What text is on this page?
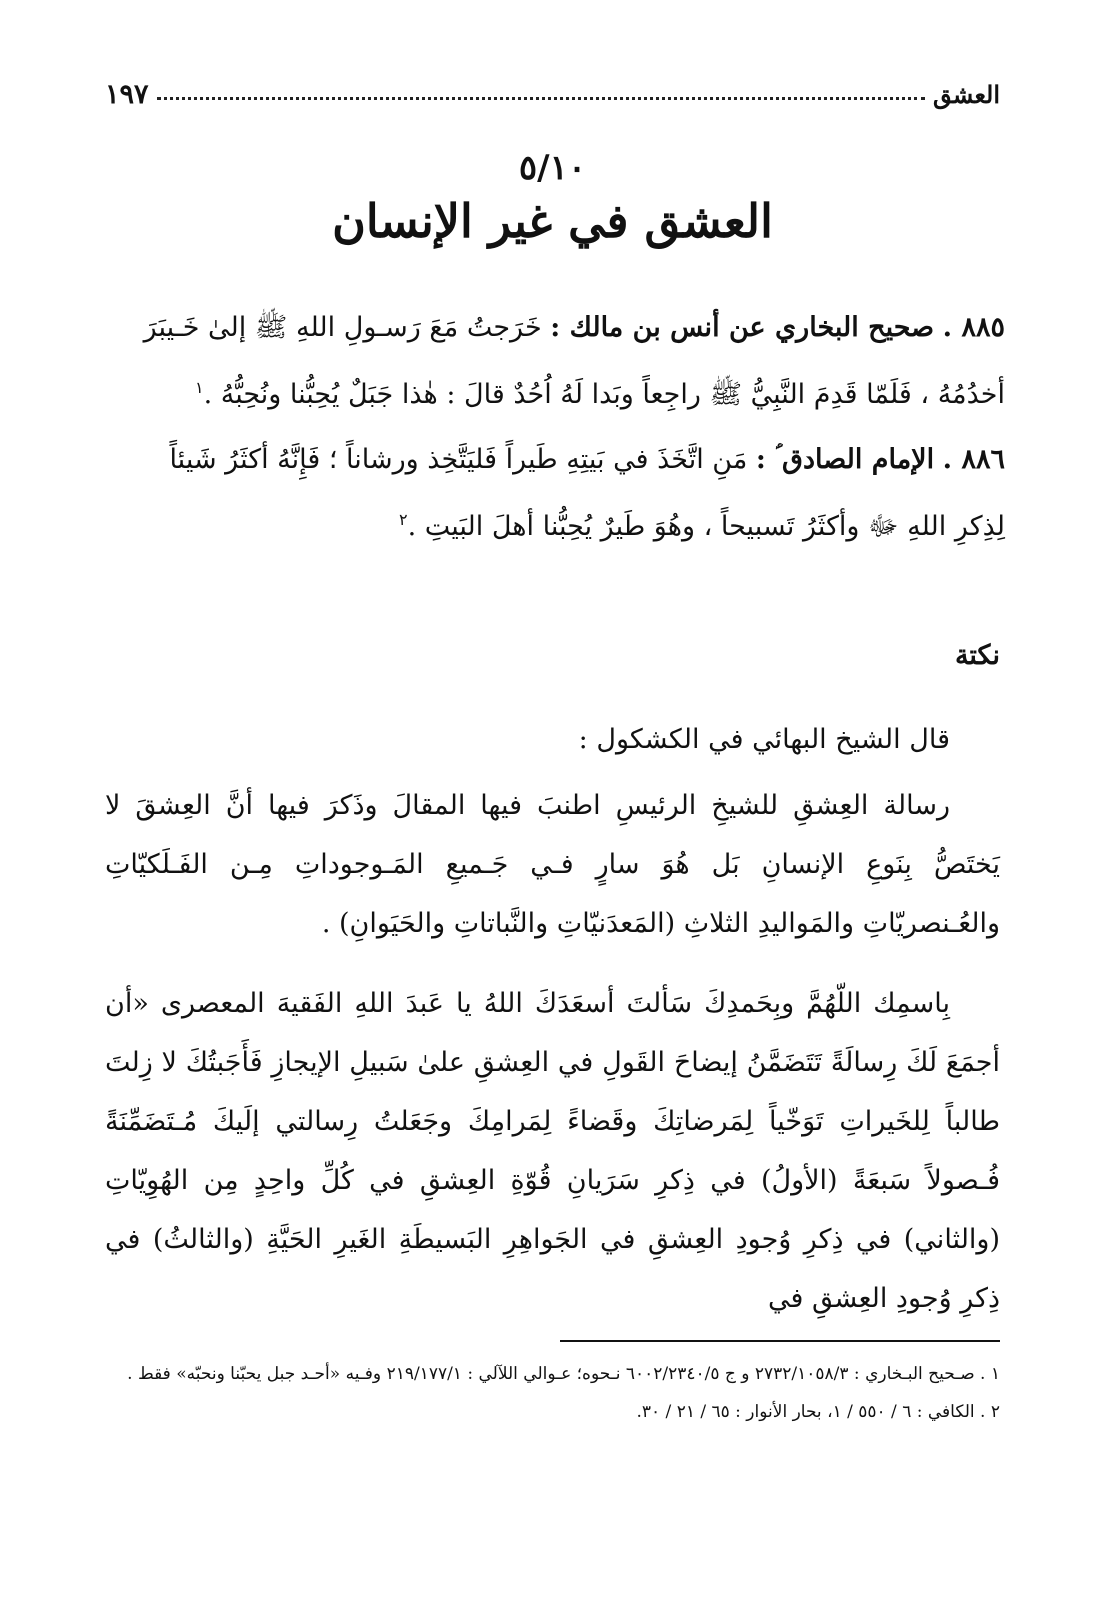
العشق
١٩٧
٥/١٠
العشق في غير الإنسان
٨٨٥ . صحيح البخاري عن أنس بن مالك : خَرَجتُ مَعَ رَسـولِ اللهِ ﷺ إلىٰ خَـيبَرَ أخدُمُهُ ، فَلَمّا قَدِمَ النَّبِيُّ ﷺ راجِعاً وبَدا لَهُ اُحُدٌ قالَ : هٰذا جَبَلٌ يُحِبُّنا ونُحِبُّهُ .$^١$
٨٨٦ . الإمام الصادق ؑ : مَنِ اتَّخَذَ في بَيتِهِ طَيراً فَليَتَّخِذ ورشاناً ؛ فَإِنَّهُ أكثَرُ شَيئاً لِذِكرِ اللهِ ﷻ وأكثَرُ تَسبيحاً ، وهُوَ طَيرٌ يُحِبُّنا أهلَ البَيتِ .$^٢$
نكتة

قال الشيخ البهائي في الكشكول :

رسالة العِشقِ للشيخِ الرئيسِ اطنبَ فيها المقالَ وذَكرَ فيها أنَّ العِشقَ لا يَختَصُّ بِنَوعِ الإنسانِ بَل هُوَ سارٍ فـي جَـميعِ المَـوجوداتِ مِـن الفَـلَكيّاتِ والعُـنصريّاتِ والمَواليدِ الثلاثِ (المَعدَنيّاتِ والنَّباتاتِ والحَيَوانِ) .

بِاسمِك اللّهُمَّ وبِحَمدِكَ سَألتَ أسعَدَكَ اللهُ يا عَبدَ اللهِ الفَقيهَ المعصرى «أن أجمَعَ لَكَ رِسالَةً تَتَضَمَّنُ إيضاحَ القَولِ في العِشقِ علىٰ سَبيلِ الإيجازِ فَأَجَبتُكَ لا زِلتَ طالباً لِلخَيراتِ تَوَخّياً لِمَرضاتِكَ وقَضاءً لِمَرامِكَ وجَعَلتُ رِسالتي إلَيكَ مُـتَضَمِّنَةً فُـصولاً سَبعَةً (الأولُ) في ذِكرِ سَرَيانِ قُوّةِ العِشقِ في كُلِّ واحِدٍ مِن الهُوِيّاتِ (والثاني) في ذِكرِ وُجودِ العِشقِ في الجَواهِرِ البَسيطَةِ الغَيرِ الحَيَّةِ (والثالثُ) في ذِكرِ وُجودِ العِشقِ في

١ . صـحيح البـخاري : ٢٧٣٢/١٠٥٨/٣ و ج ٦٠٠٢/٢٣٤٠/٥ نـحوه؛ عـوالي اللآلي : ٢١٩/١٧٧/١ وفـيه «أحـد جبل يحبّنا ونحبّه» فقط .

٢ . الكافي : ٦ / ٥٥٠ / ١، بحار الأنوار : ٦٥ / ٢١ / ٣٠.
